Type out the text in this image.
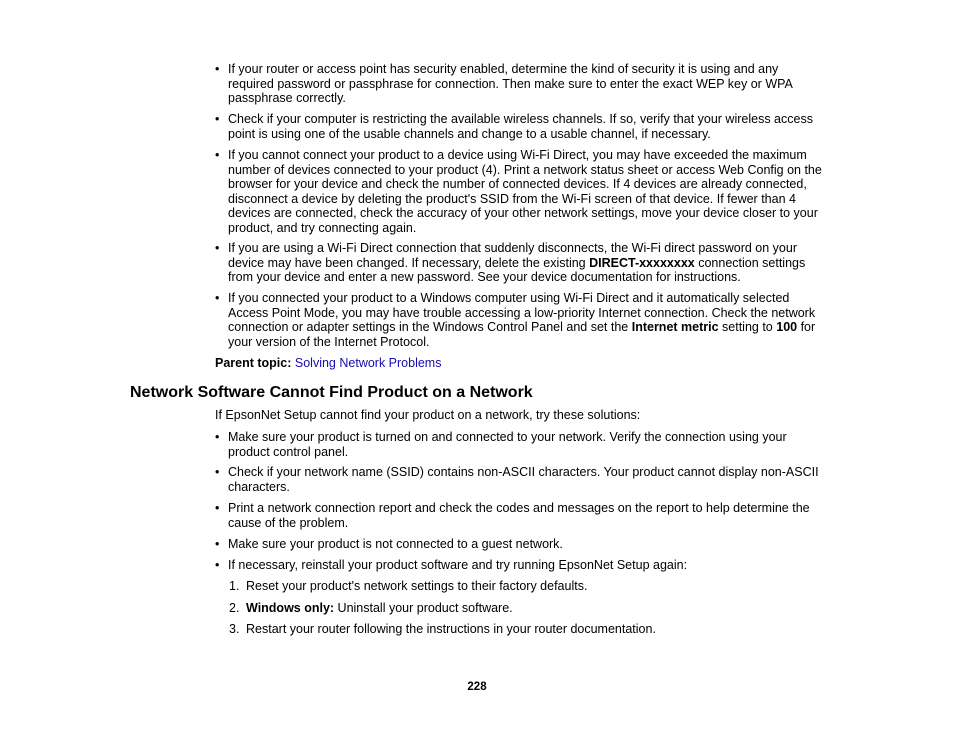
• If your router or access point has security enabled, determine the kind of security it is using and any required password or passphrase for connection. Then make sure to enter the exact WEP key or WPA passphrase correctly.
• Check if your computer is restricting the available wireless channels. If so, verify that your wireless access point is using one of the usable channels and change to a usable channel, if necessary.
• If you cannot connect your product to a device using Wi-Fi Direct, you may have exceeded the maximum number of devices connected to your product (4). Print a network status sheet or access Web Config on the browser for your device and check the number of connected devices. If 4 devices are already connected, disconnect a device by deleting the product's SSID from the Wi-Fi screen of that device. If fewer than 4 devices are connected, check the accuracy of your other network settings, move your device closer to your product, and try connecting again.
• If you are using a Wi-Fi Direct connection that suddenly disconnects, the Wi-Fi direct password on your device may have been changed. If necessary, delete the existing DIRECT-xxxxxxxx connection settings from your device and enter a new password. See your device documentation for instructions.
• If you connected your product to a Windows computer using Wi-Fi Direct and it automatically selected Access Point Mode, you may have trouble accessing a low-priority Internet connection. Check the network connection or adapter settings in the Windows Control Panel and set the Internet metric setting to 100 for your version of the Internet Protocol.
Parent topic: Solving Network Problems
Network Software Cannot Find Product on a Network
If EpsonNet Setup cannot find your product on a network, try these solutions:
• Make sure your product is turned on and connected to your network. Verify the connection using your product control panel.
• Check if your network name (SSID) contains non-ASCII characters. Your product cannot display non-ASCII characters.
• Print a network connection report and check the codes and messages on the report to help determine the cause of the problem.
• Make sure your product is not connected to a guest network.
• If necessary, reinstall your product software and try running EpsonNet Setup again:
1. Reset your product's network settings to their factory defaults.
2. Windows only: Uninstall your product software.
3. Restart your router following the instructions in your router documentation.
228
